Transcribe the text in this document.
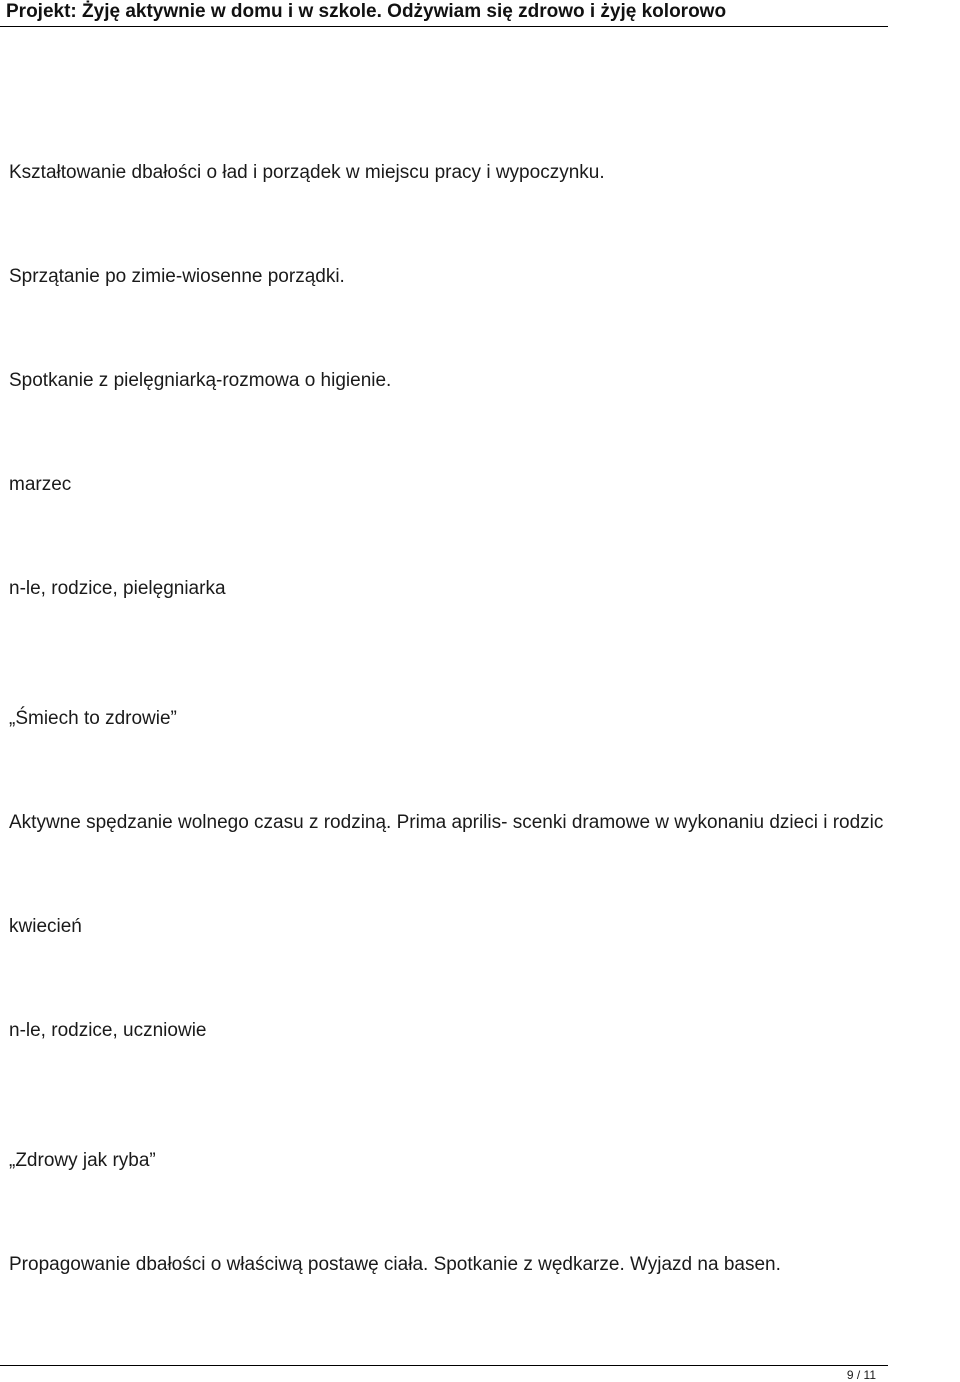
Projekt: Żyję aktywnie w domu i w szkole. Odżywiam się zdrowo i żyję kolorowo
Kształtowanie dbałości o ład i porządek w miejscu pracy i wypoczynku.
Sprzątanie po zimie-wiosenne porządki.
Spotkanie z pielęgniarką-rozmowa o higienie.
marzec
n-le, rodzice, pielęgniarka
„Śmiech to zdrowie”
Aktywne spędzanie wolnego czasu z rodziną. Prima aprilis- scenki dramowe w wykonaniu dzieci i rodzic
kwiecień
n-le, rodzice, uczniowie
„Zdrowy jak ryba”
Propagowanie dbałości o właściwą postawę ciała. Spotkanie z wędkarze. Wyjazd na basen.
9 / 11
